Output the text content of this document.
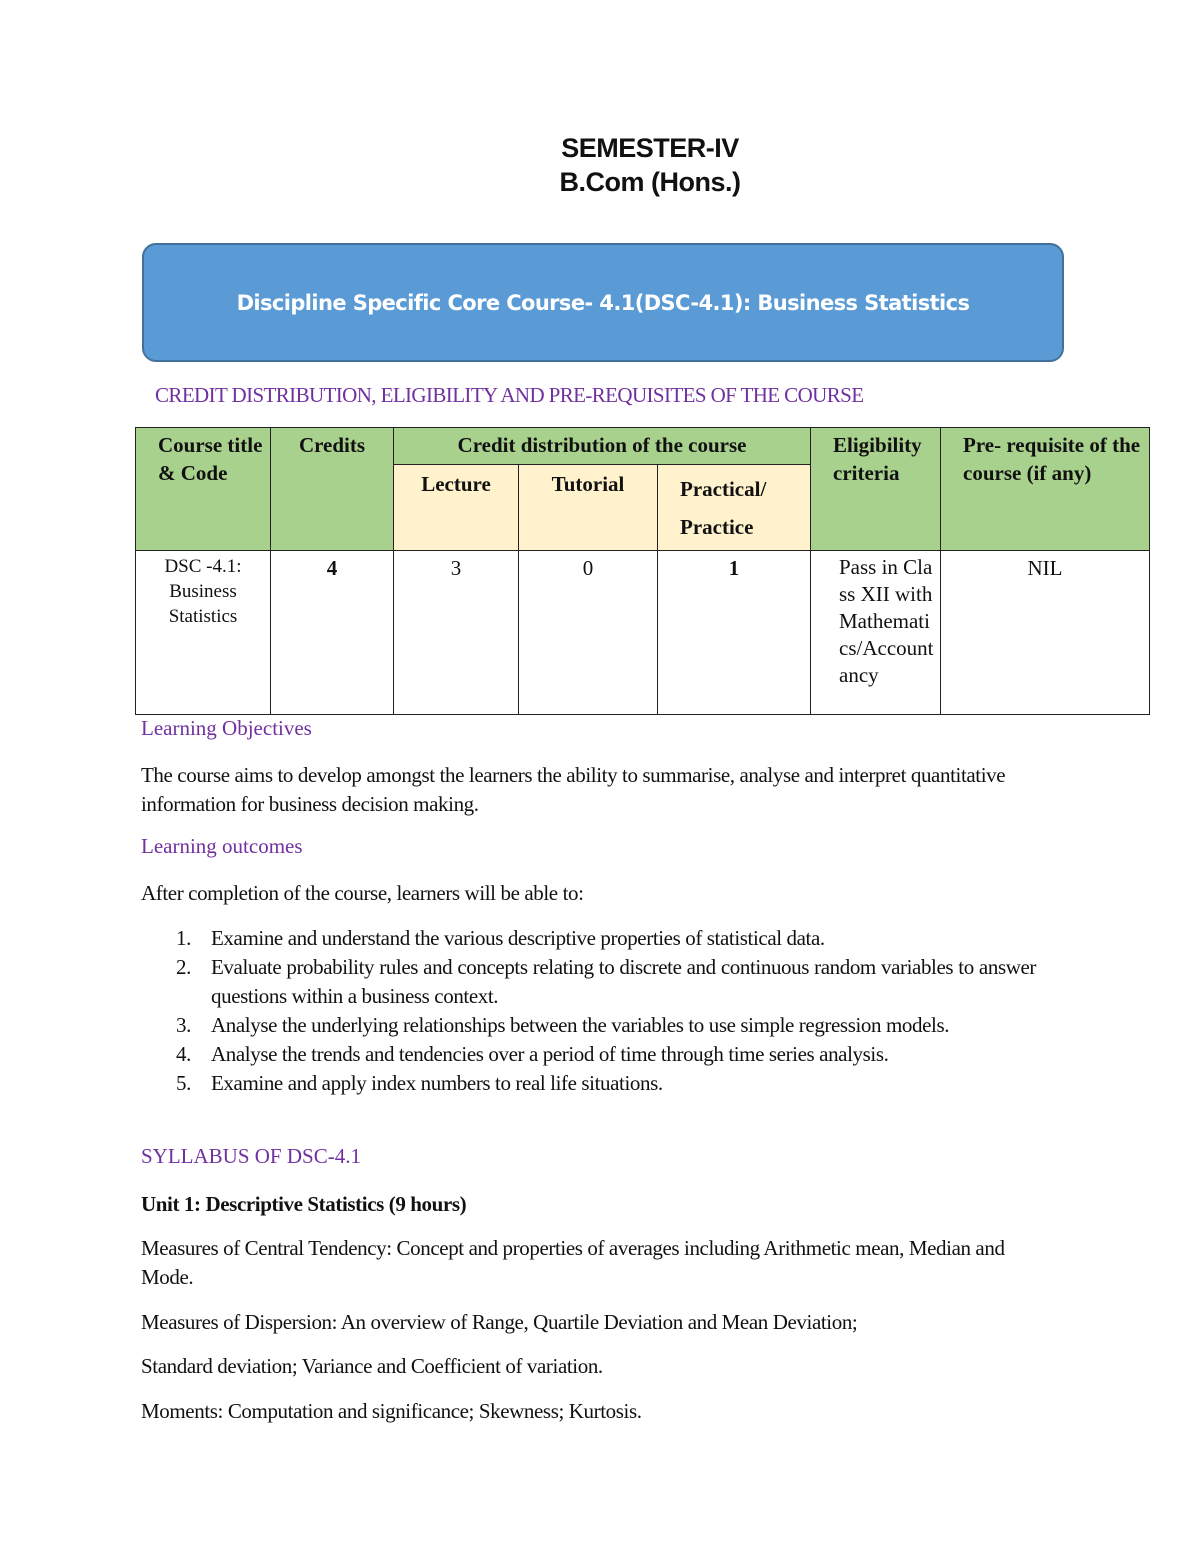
SEMESTER-IV
B.Com (Hons.)
Discipline Specific Core Course- 4.1(DSC-4.1): Business Statistics
CREDIT DISTRIBUTION, ELIGIBILITY AND PRE-REQUISITES OF THE COURSE
Course title & Code	Credits	Credit distribution of the course			Eligibility criteria	Pre- requisite of the course (if any)
		Lecture	Tutorial	Practical/ Practice		
DSC -4.1: Business Statistics	4	3	0	1	Pass in Class XII with Mathematics/Accountancy	NIL
Learning Objectives
The course aims to develop amongst the learners the ability to summarise, analyse and interpret quantitative information for business decision making.
Learning outcomes
After completion of the course, learners will be able to:
1. Examine and understand the various descriptive properties of statistical data.
2. Evaluate probability rules and concepts relating to discrete and continuous random variables to answer questions within a business context.
3. Analyse the underlying relationships between the variables to use simple regression models.
4. Analyse the trends and tendencies over a period of time through time series analysis.
5. Examine and apply index numbers to real life situations.
SYLLABUS OF DSC-4.1
Unit 1: Descriptive Statistics (9 hours)
Measures of Central Tendency: Concept and properties of averages including Arithmetic mean, Median and Mode.
Measures of Dispersion: An overview of Range, Quartile Deviation and Mean Deviation;
Standard deviation; Variance and Coefficient of variation.
Moments: Computation and significance; Skewness; Kurtosis.
